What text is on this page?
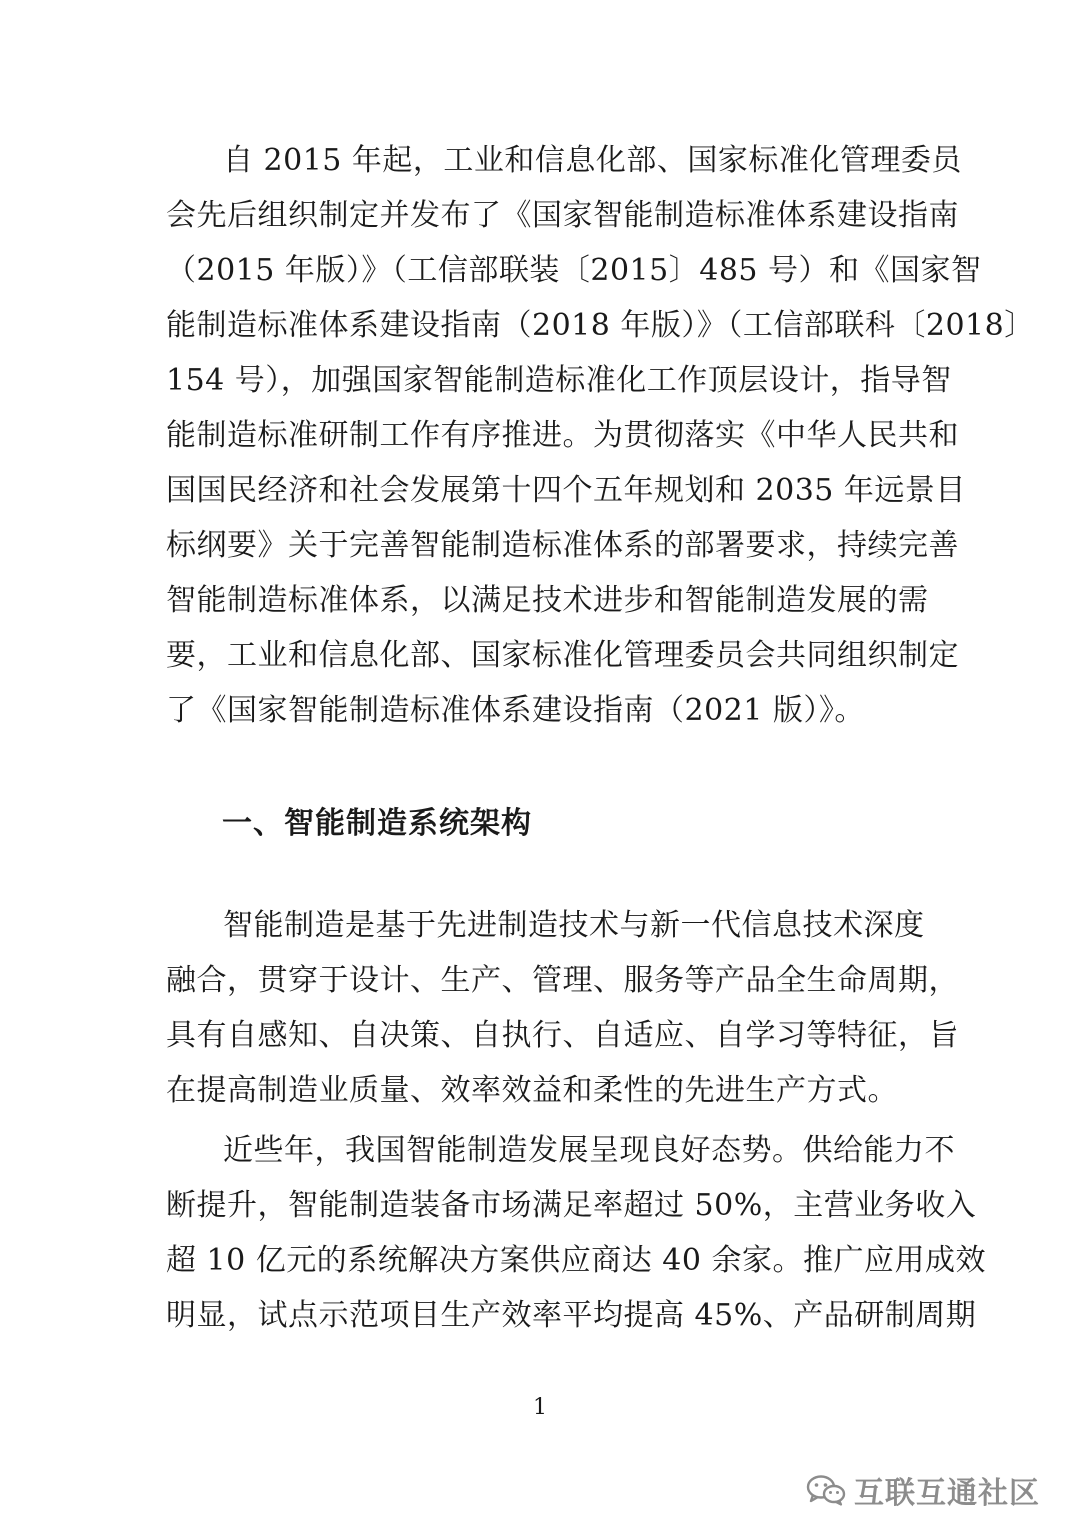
自 2015 年起，工业和信息化部、国家标准化管理委员
会先后组织制定并发布了《国家智能制造标准体系建设指南
（2015 年版）》（工信部联装〔2015〕485 号）和《国家智
能制造标准体系建设指南（2018 年版）》（工信部联科〔2018〕
154 号），加强国家智能制造标准化工作顶层设计，指导智
能制造标准研制工作有序推进。为贯彻落实《中华人民共和
国国民经济和社会发展第十四个五年规划和 2035 年远景目
标纲要》关于完善智能制造标准体系的部署要求，持续完善
智能制造标准体系，以满足技术进步和智能制造发展的需
要，工业和信息化部、国家标准化管理委员会共同组织制定
了《国家智能制造标准体系建设指南（2021 版）》。
一、智能制造系统架构
智能制造是基于先进制造技术与新一代信息技术深度
融合，贯穿于设计、生产、管理、服务等产品全生命周期，
具有自感知、自决策、自执行、自适应、自学习等特征，旨
在提高制造业质量、效率效益和柔性的先进生产方式。
近些年，我国智能制造发展呈现良好态势。供给能力不
断提升，智能制造装备市场满足率超过 50%，主营业务收入
超 10 亿元的系统解决方案供应商达 40 余家。推广应用成效
明显，试点示范项目生产效率平均提高 45%、产品研制周期
1
互联互通社区
